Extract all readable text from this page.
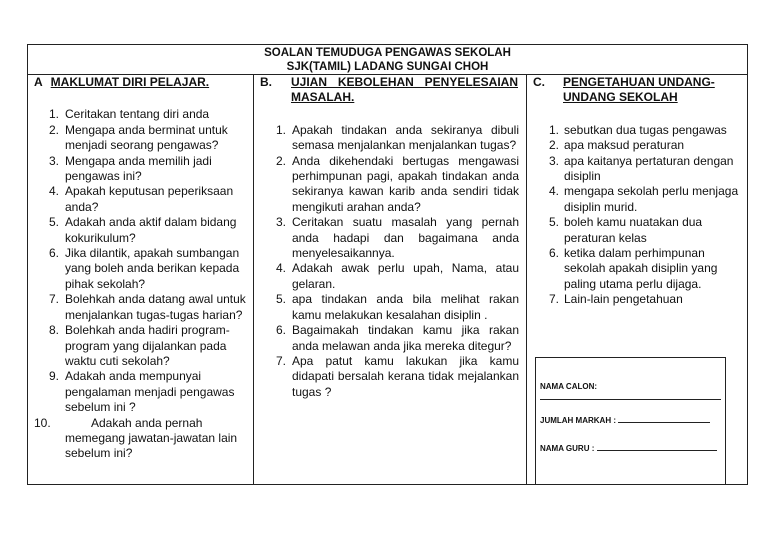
SOALAN TEMUDUGA PENGAWAS SEKOLAH
SJK(TAMIL) LADANG SUNGAI CHOH
A MAKLUMAT DIRI PELAJAR.
1. Ceritakan tentang diri anda
2. Mengapa anda berminat untuk menjadi seorang pengawas?
3. Mengapa anda memilih jadi pengawas ini?
4. Apakah keputusan peperiksaan anda?
5. Adakah anda aktif dalam bidang kokurikulum?
6. Jika dilantik, apakah sumbangan yang boleh anda berikan kepada pihak sekolah?
7. Bolehkah anda datang awal untuk menjalankan tugas-tugas harian?
8. Bolehkah anda hadiri program-program yang dijalankan pada waktu cuti sekolah?
9. Adakah anda mempunyai pengalaman menjadi pengawas sebelum ini ?
10.	Adakah anda pernah
memegang jawatan-jawatan lain sebelum ini?
B. UJIAN KEBOLEHAN PENYELESAIAN MASALAH.
1. Apakah tindakan anda sekiranya dibuli semasa menjalankan menjalankan tugas?
2. Anda dikehendaki bertugas mengawasi perhimpunan pagi, apakah tindakan anda sekiranya kawan karib anda sendiri tidak mengikuti arahan anda?
3. Ceritakan suatu masalah yang pernah anda hadapi dan bagaimana anda menyelesaikannya.
4. Adakah awak perlu upah, Nama, atau gelaran.
5. apa tindakan anda bila melihat rakan kamu melakukan kesalahan disiplin .
6. Bagaimakah tindakan kamu jika rakan anda melawan anda jika mereka ditegur?
7. Apa patut kamu lakukan jika kamu didapati bersalah kerana tidak mejalankan tugas ?
C. PENGETAHUAN UNDANG-UNDANG SEKOLAH
1. sebutkan dua tugas pengawas
2. apa maksud peraturan
3. apa kaitanya pertaturan dengan disiplin
4. mengapa sekolah perlu menjaga disiplin murid.
5. boleh kamu nuatakan dua peraturan kelas
6. ketika dalam perhimpunan sekolah apakah disiplin yang paling utama perlu dijaga.
7. Lain-lain pengetahuan
NAMA CALON:
JUMLAH MARKAH :
NAMA GURU :
